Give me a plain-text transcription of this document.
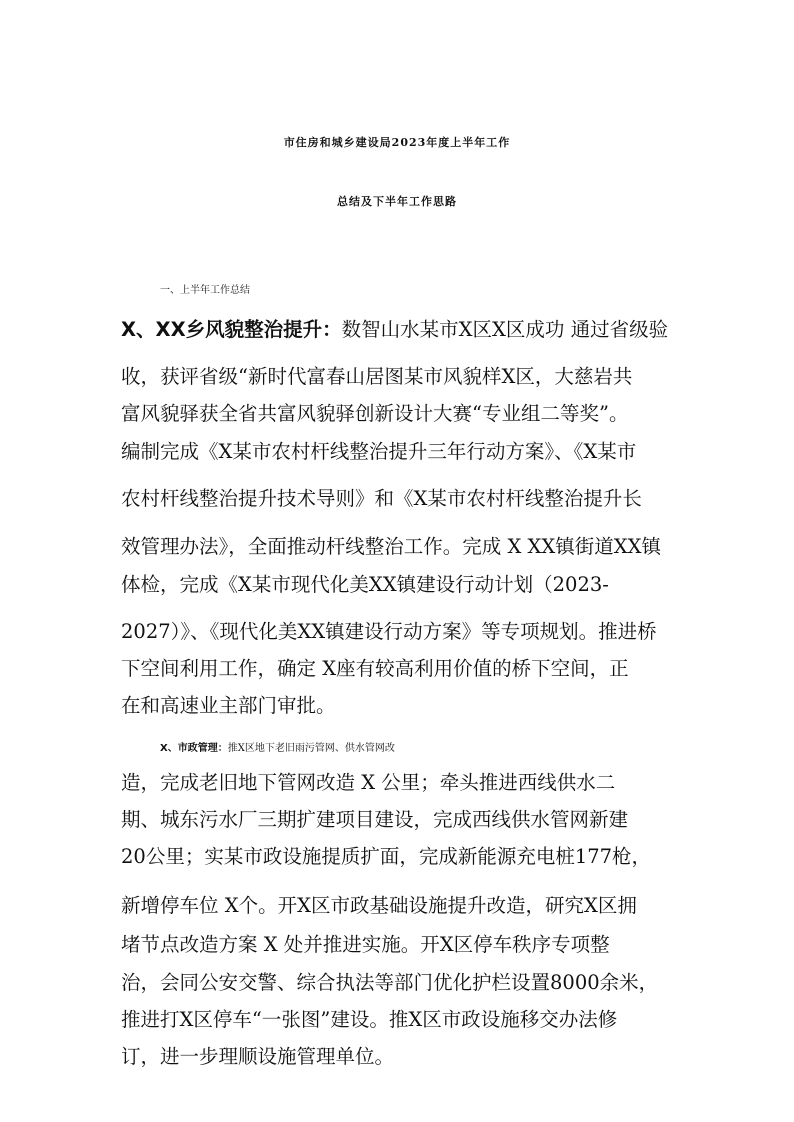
市住房和城乡建设局2023年度上半年工作
总结及下半年工作思路
一、上半年工作总结
X、XX乡风貌整治提升：数智山水某市X区X区成功 通过省级验
收，获评省级“新时代富春山居图某市风貌样X区，大慈岩共
富风貌驿获全省共富风貌驿创新设计大赛“专业组二等奖”。
编制完成《X某市农村杆线整治提升三年行动方案》、《X某市
农村杆线整治提升技术导则》和《X某市农村杆线整治提升长
效管理办法》，全面推动杆线整治工作。完成 X XX镇街道XX镇
体检，完成《X某市现代化美XX镇建设行动计划（2023-
2027）》、《现代化美XX镇建设行动方案》等专项规划。推进桥
下空间利用工作，确定 X座有较高利用价值的桥下空间，正
在和高速业主部门审批。
X、市政管理：推X区地下老旧雨污管网、供水管网改
造，完成老旧地下管网改造 X 公里；牵头推进西线供水二
期、城东污水厂三期扩建项目建设，完成西线供水管网新建
20公里；实某市政设施提质扩面，完成新能源充电桩177枪，
新增停车位 X个。开X区市政基础设施提升改造，研究X区拥
堵节点改造方案 X 处并推进实施。开X区停车秩序专项整
治，会同公安交警、综合执法等部门优化护栏设置8000余米，
推进打X区停车“一张图”建设。推X区市政设施移交办法修
订，进一步理顺设施管理单位。
